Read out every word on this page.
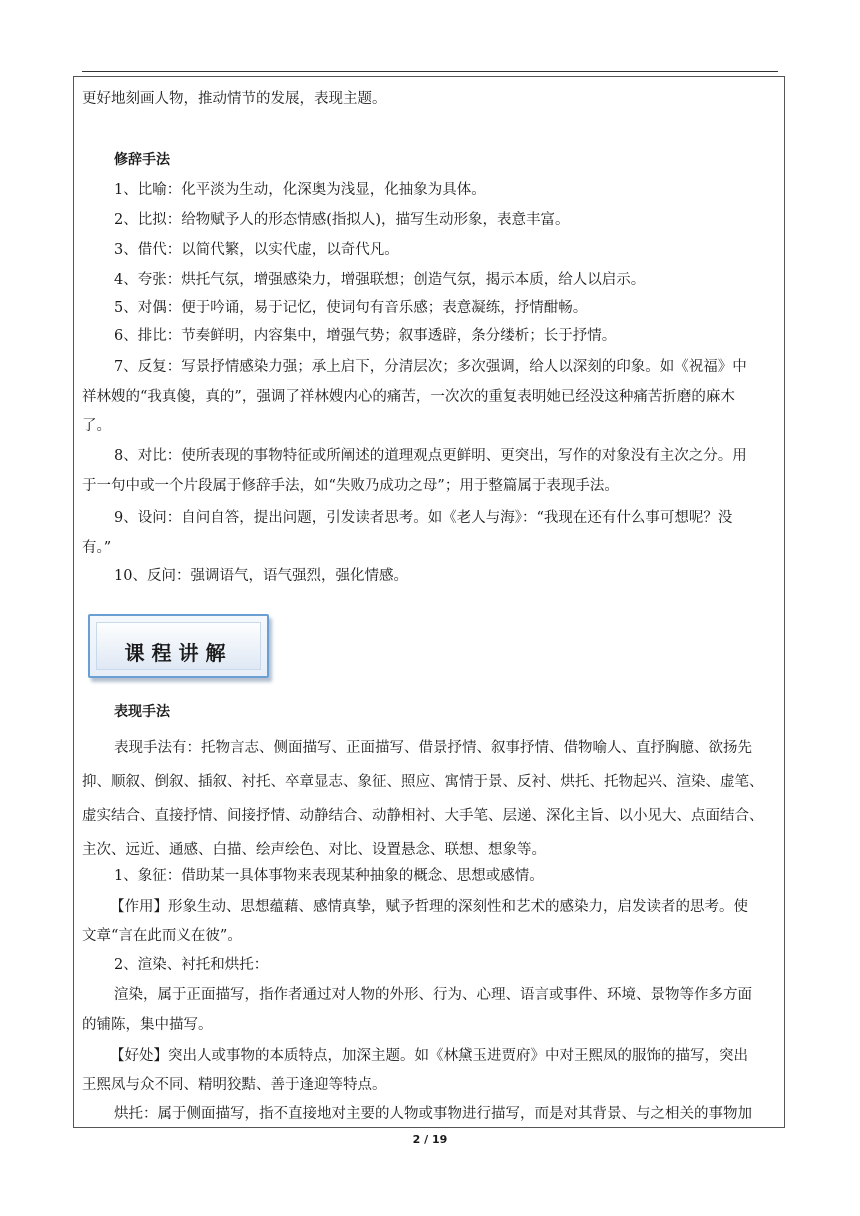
更好地刻画人物，推动情节的发展，表现主题。
修辞手法
1、比喻：化平淡为生动，化深奥为浅显，化抽象为具体。
2、比拟：给物赋予人的形态情感(指拟人)，描写生动形象，表意丰富。
3、借代：以简代繁，以实代虚，以奇代凡。
4、夸张：烘托气氛，增强感染力，增强联想；创造气氛，揭示本质，给人以启示。
5、对偶：便于吟诵，易于记忆，使词句有音乐感；表意凝练，抒情酣畅。
6、排比：节奏鲜明，内容集中，增强气势；叙事透辟，条分缕析；长于抒情。
7、反复：写景抒情感染力强；承上启下，分清层次；多次强调，给人以深刻的印象。如《祝福》中
祥林嫂的“我真傻，真的”，强调了祥林嫂内心的痛苦，一次次的重复表明她已经没这种痛苦折磨的麻木
了。
8、对比：使所表现的事物特征或所阐述的道理观点更鲜明、更突出，写作的对象没有主次之分。用
于一句中或一个片段属于修辞手法，如“失败乃成功之母”；用于整篇属于表现手法。
9、设问：自问自答，提出问题，引发读者思考。如《老人与海》：“我现在还有什么事可想呢？没
有。”
10、反问：强调语气，语气强烈，强化情感。
表现手法
表现手法有：托物言志、侧面描写、正面描写、借景抒情、叙事抒情、借物喻人、直抒胸臆、欲扬先
抑、顺叙、倒叙、插叙、衬托、卒章显志、象征、照应、寓情于景、反衬、烘托、托物起兴、渲染、虚笔、
虚实结合、直接抒情、间接抒情、动静结合、动静相衬、大手笔、层递、深化主旨、以小见大、点面结合、
主次、远近、通感、白描、绘声绘色、对比、设置悬念、联想、想象等。
1、象征：借助某一具体事物来表现某种抽象的概念、思想或感情。
【作用】形象生动、思想蕴藉、感情真挚，赋予哲理的深刻性和艺术的感染力，启发读者的思考。使
文章“言在此而义在彼”。
2、渲染、衬托和烘托：
渲染，属于正面描写，指作者通过对人物的外形、行为、心理、语言或事件、环境、景物等作多方面
的铺陈，集中描写。
【好处】突出人或事物的本质特点，加深主题。如《林黛玉进贾府》中对王熙凤的服饰的描写，突出
王熙凤与众不同、精明狡黠、善于逢迎等特点。
烘托：属于侧面描写，指不直接地对主要的人物或事物进行描写，而是对其背景、与之相关的事物加
课程讲解
2 / 19
